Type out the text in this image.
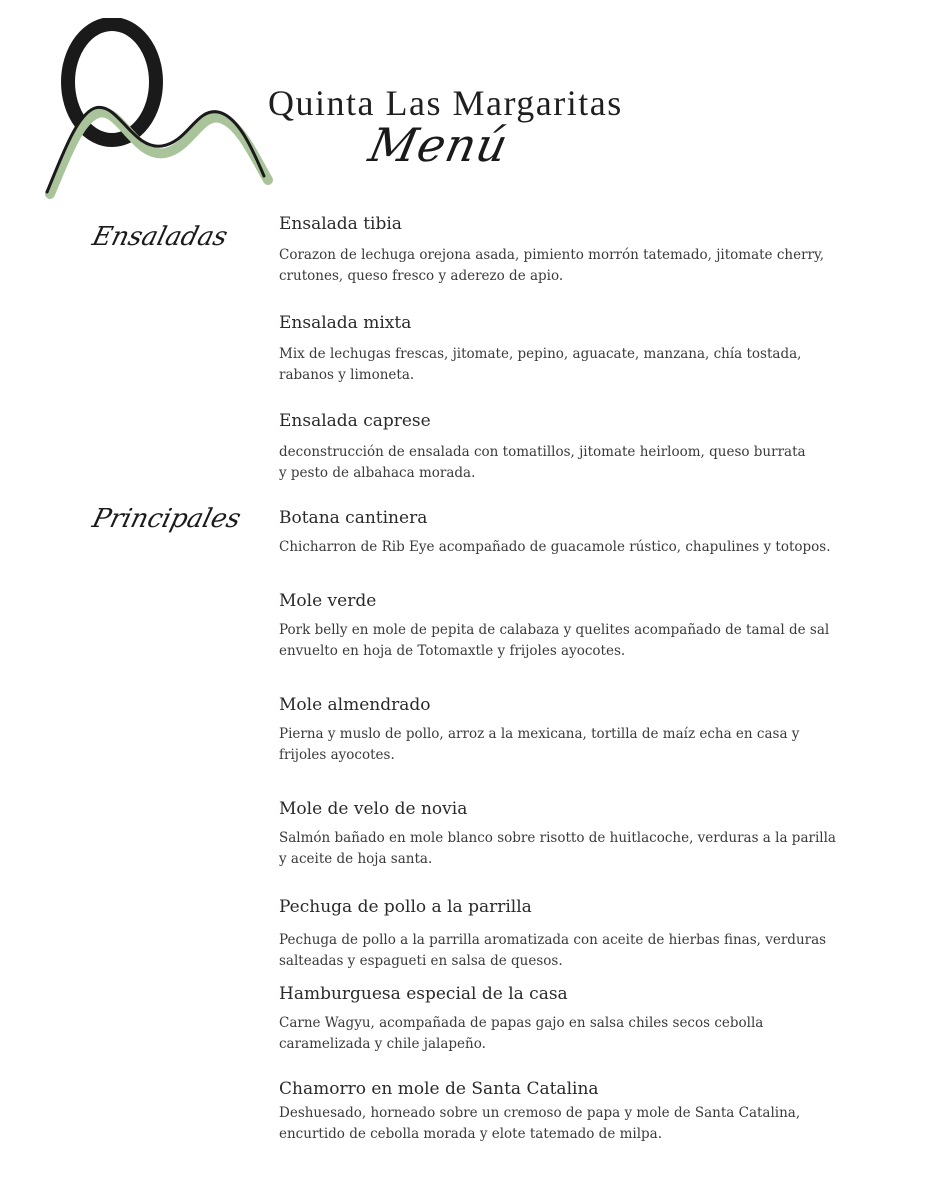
Quinta Las Margaritas
Menú
Ensaladas	Ensalada tibia
Corazon de lechuga orejona asada, pimiento morrón tatemado, jitomate cherry,
crutones, queso fresco y aderezo de apio.
Ensalada mixta
Mix de lechugas frescas, jitomate, pepino, aguacate, manzana, chía tostada,
rabanos y limoneta.
Ensalada caprese
deconstrucción de ensalada con tomatillos, jitomate heirloom, queso burrata
y pesto de albahaca morada.
Principales Botana cantinera
Chicharron de Rib Eye acompañado de guacamole rústico, chapulines y totopos.
Mole verde
Pork belly en mole de pepita de calabaza y quelites acompañado de tamal de sal
envuelto en hoja de Totomaxtle y frijoles ayocotes.
Mole almendrado
Pierna y muslo de pollo, arroz a la mexicana, tortilla de maíz echa en casa y
frijoles ayocotes.
Mole de velo de novia
Salmón bañado en mole blanco sobre risotto de huitlacoche, verduras a la parilla
y aceite de hoja santa.
Pechuga de pollo a la parrilla
Pechuga de pollo a la parrilla aromatizada con aceite de hierbas finas, verduras
salteadas y espagueti en salsa de quesos.
Hamburguesa especial de la casa
Carne Wagyu, acompañada de papas gajo en salsa chiles secos cebolla
caramelizada y chile jalapeño.
Chamorro en mole de Santa Catalina
Deshuesado, horneado sobre un cremoso de papa y mole de Santa Catalina,
encurtido de cebolla morada y elote tatemado de milpa.
